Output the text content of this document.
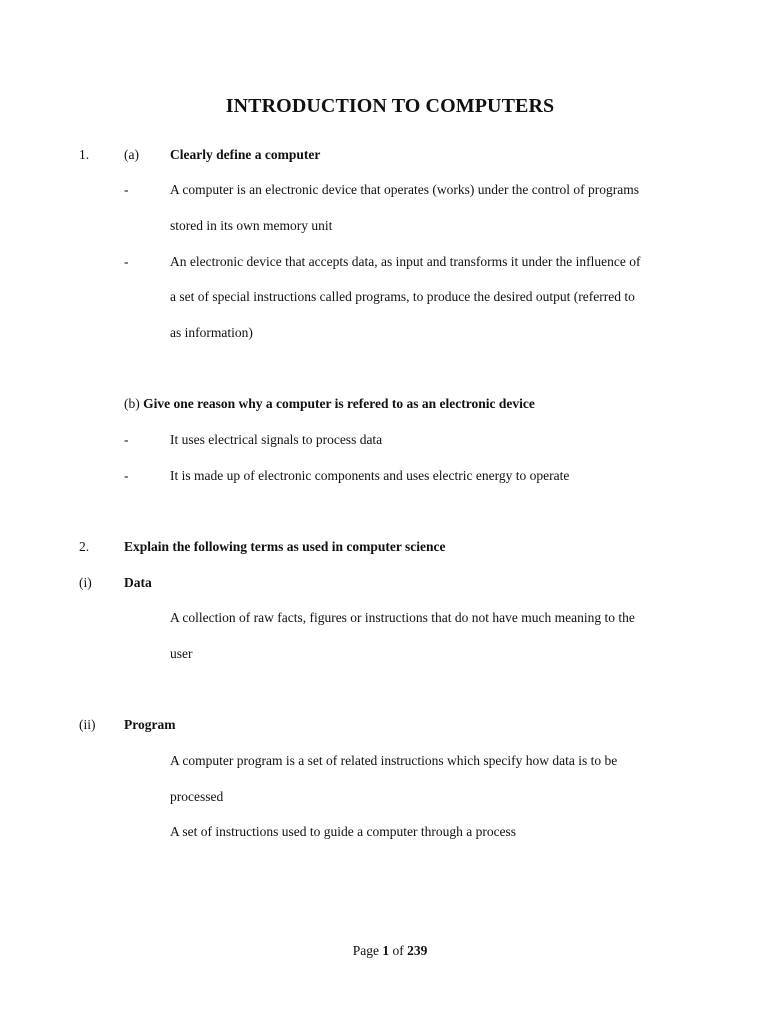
INTRODUCTION TO COMPUTERS
1.	(a) Clearly define a computer
-	A computer is an electronic device that operates (works) under the control of programs
stored in its own memory unit
-	An electronic device that accepts data, as input and transforms it under the influence of
a set of special instructions called programs, to produce the desired output (referred to
as information)
(b) Give one reason why a computer is refered to as an electronic device
-	It uses electrical signals to process data
-	It is made up of electronic components and uses electric energy to operate
2.	Explain the following terms as used in computer science
(i) Data
A collection of raw facts, figures or instructions that do not have much meaning to the
user
(ii) Program
A computer program is a set of related instructions which specify how data is to be
processed
A set of instructions used to guide a computer through a process
Page 1 of 239
